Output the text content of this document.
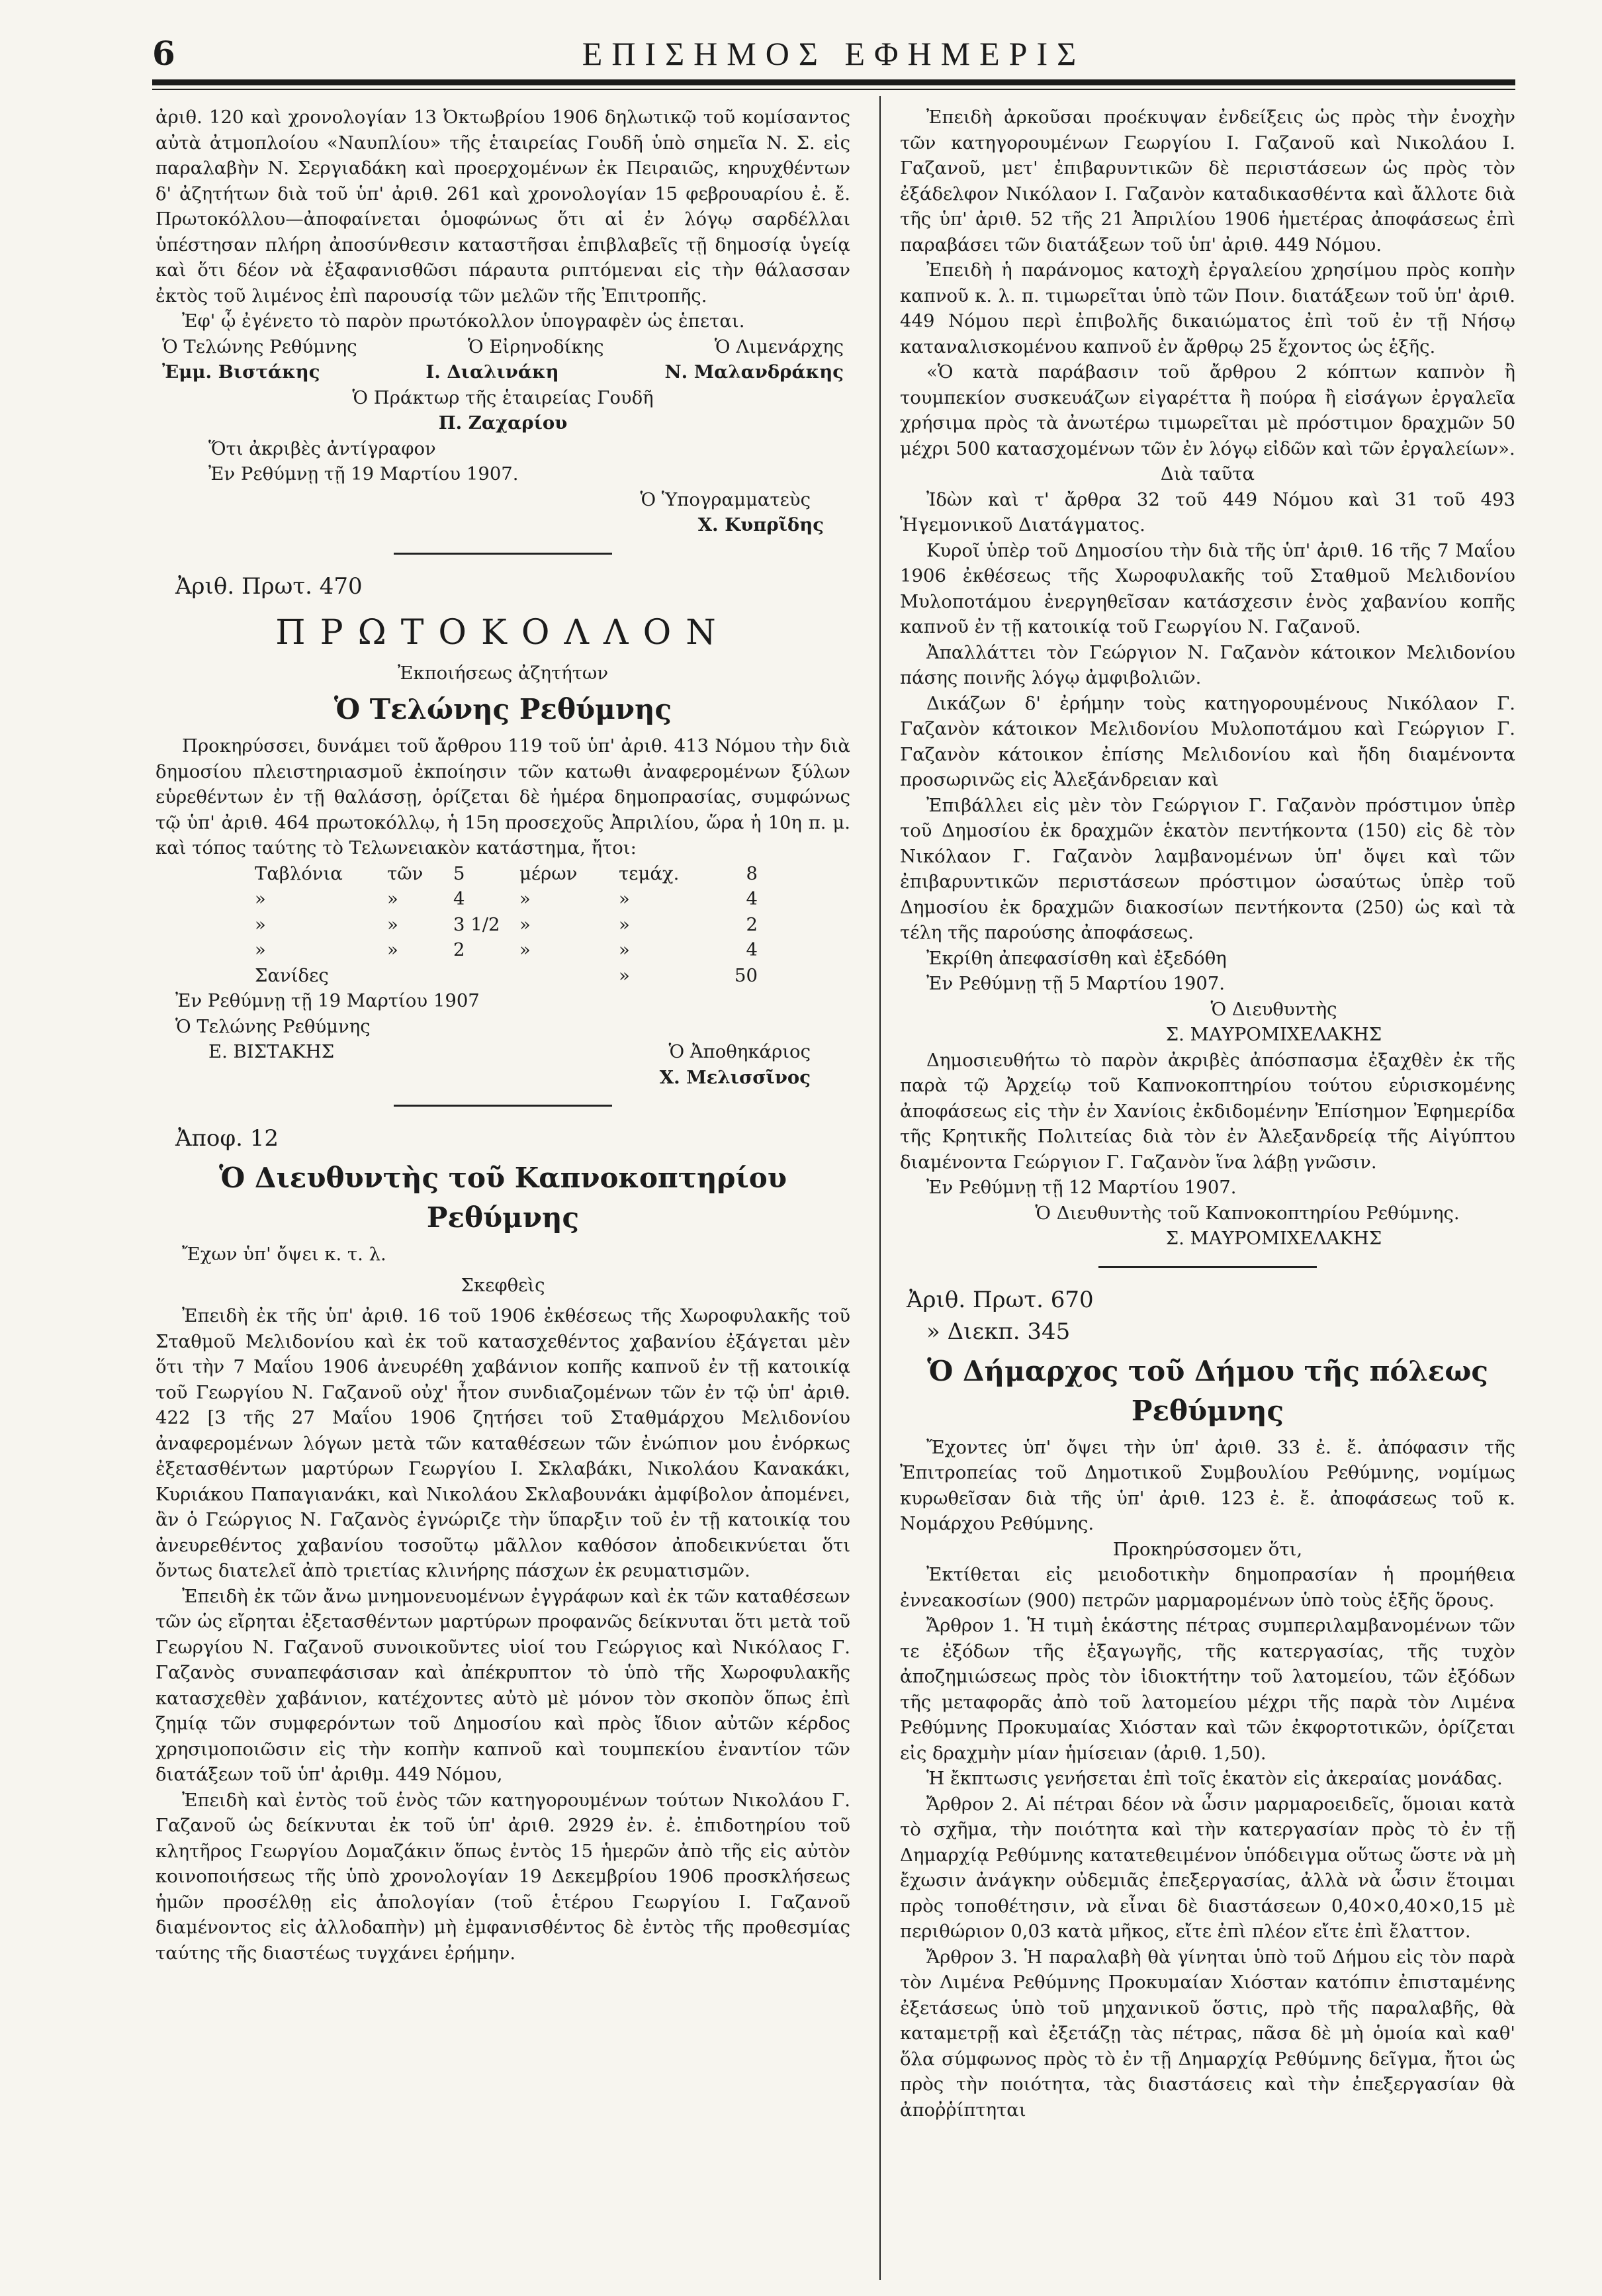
6	ΕΠΙΣΗΜΟΣ ΕΦΗΜΕΡΙΣ

ἀριθ. 120 καὶ χρονολογίαν 13 Ὀκτωβρίου 1906 δηλωτικῷ τοῦ κομίσαντος αὐτὰ ἀτμοπλοίου «Ναυπλίου» τῆς ἑταιρείας Γουδῆ ὑπὸ σημεῖα Ν. Σ. εἰς παραλαβὴν Ν. Σεργιαδάκη καὶ προερχομένων ἐκ Πειραιῶς, κηρυχθέντων δ' ἀζητήτων διὰ τοῦ ὑπ' ἀριθ. 261 καὶ χρονολογίαν 15 φεβρουαρίου ἐ. ἔ. Πρωτοκόλλου—ἀποφαίνεται ὁμοφώνως ὅτι αἱ ἐν λόγῳ σαρδέλλαι ὑπέστησαν πλήρη ἀποσύνθεσιν καταστῆσαι ἐπιβλαβεῖς τῇ δημοσίᾳ ὑγείᾳ καὶ ὅτι δέον νὰ ἐξαφανισθῶσι πάραυτα ριπτόμεναι εἰς τὴν θάλασσαν ἐκτὸς τοῦ λιμένος ἐπὶ παρουσίᾳ τῶν μελῶν τῆς Ἐπιτροπῆς.

Ἐφ' ᾧ ἐγένετο τὸ παρὸν πρωτόκολλον ὑπογραφὲν ὡς ἑπεται.

Ὁ Τελώνης Ρεθύμνης	Ὁ Εἰρηνοδίκης	Ὁ Λιμενάρχης
Ἐμμ. Βιστάκης	Ι. Διαλινάκη	Ν. Μαλανδράκης

Ὁ Πράκτωρ τῆς ἑταιρείας Γουδῆ

Π. Ζαχαρίου

Ὅτι ἀκριβὲς ἀντίγραφον

Ἐν Ρεθύμνῃ τῇ 19 Μαρτίου 1907.

Ὁ Ὑπογραμματεὺς

Χ. Κυπρῖδης

Ἀριθ. Πρωτ. 470

ΠΡΩΤΟΚΟΛΛΟΝ

Ἐκποιήσεως ἀζητήτων

Ὁ Τελώνης Ρεθύμνης

Προκηρύσσει, δυνάμει τοῦ ἄρθρου 119 τοῦ ὑπ' ἀριθ. 413 Νόμου τὴν διὰ δημοσίου πλειστηριασμοῦ ἐκποίησιν τῶν κατωθι ἀναφερομένων ξύλων εὑρεθέντων ἐν τῇ θαλάσσῃ, ὁρίζεται δὲ ἡμέρα δημοπρασίας, συμφώνως τῷ ὑπ' ἀριθ. 464 πρωτοκόλλῳ, ἡ 15η προσεχοῦς Ἀπριλίου, ὥρα ἡ 10η π. μ. καὶ τόπος ταύτης τὸ Τελωνειακὸν κατάστημα, ἤτοι:

Ταβλόνια	τῶν	5	μέρων	τεμάχ.	8
»	»	4	»	»	4
»	»	3 1/2	»	»	2
»	»	2	»	»	4
Σανίδες	»	50

Ἐν Ρεθύμνῃ τῇ 19 Μαρτίου 1907

Ὁ Τελώνης Ρεθύμνης

Ε. ΒΙΣΤΑΚΗΣ	Ὁ Ἀποθηκάριος

Χ. Μελισσῖνος

Ἀποφ. 12

Ὁ Διευθυντὴς τοῦ Καπνοκοπτηρίου Ρεθύμνης

Ἔχων ὑπ' ὄψει κ. τ. λ.

Σκεφθεὶς

Ἐπειδὴ ἐκ τῆς ὑπ' ἀριθ. 16 τοῦ 1906 ἐκθέσεως τῆς Χωροφυλακῆς τοῦ Σταθμοῦ Μελιδονίου καὶ ἐκ τοῦ κατασχεθέντος χαβανίου ἐξάγεται μὲν ὅτι τὴν 7 Μαΐου 1906 ἀνευρέθη χαβάνιον κοπῆς καπνοῦ ἐν τῇ κατοικίᾳ τοῦ Γεωργίου Ν. Γαζανοῦ οὐχ' ἦτον συνδιαζομένων τῶν ἐν τῷ ὑπ' ἀριθ. 422 [3 τῆς 27 Μαΐου 1906 ζητήσει τοῦ Σταθμάρχου Μελιδονίου ἀναφερομένων λόγων μετὰ τῶν καταθέσεων τῶν ἐνώπιον μου ἐνόρκως ἐξετασθέντων μαρτύρων Γεωργίου Ι. Σκλαβάκι, Νικολάου Κανακάκι, Κυριάκου Παπαγιανάκι, καὶ Νικολάου Σκλαβουνάκι ἀμφίβολον ἀπομένει, ἂν ὁ Γεώργιος Ν. Γαζανὸς ἐγνώριζε τὴν ὕπαρξιν τοῦ ἐν τῇ κατοικίᾳ του ἀνευρεθέντος χαβανίου τοσοῦτῳ μᾶλλον καθόσον ἀποδεικνύεται ὅτι ὄντως διατελεῖ ἀπὸ τριετίας κλινήρης πάσχων ἐκ ρευματισμῶν.

Ἐπειδὴ ἐκ τῶν ἄνω μνημονευομένων ἐγγράφων καὶ ἐκ τῶν καταθέσεων τῶν ὡς εἴρηται ἐξετασθέντων μαρτύρων προφανῶς δείκνυται ὅτι μετὰ τοῦ Γεωργίου Ν. Γαζανοῦ συνοικοῦντες υἱοί του Γεώργιος καὶ Νικόλαος Γ. Γαζανὸς συναπεφάσισαν καὶ ἀπέκρυπτον τὸ ὑπὸ τῆς Χωροφυλακῆς κατασχεθὲν χαβάνιον, κατέχοντες αὐτὸ μὲ μόνον τὸν σκοπὸν ὅπως ἐπὶ ζημίᾳ τῶν συμφερόντων τοῦ Δημοσίου καὶ πρὸς ἴδιον αὐτῶν κέρδος χρησιμοποιῶσιν εἰς τὴν κοπὴν καπνοῦ καὶ τουμπεκίου ἐναντίον τῶν διατάξεων τοῦ ὑπ' ἀριθμ. 449 Νόμου,

Ἐπειδὴ καὶ ἐντὸς τοῦ ἑνὸς τῶν κατηγορουμένων τούτων Νικολάου Γ. Γαζανοῦ ὡς δείκνυται ἐκ τοῦ ὑπ' ἀριθ. 2929 ἐν. ἐ. ἐπιδοτηρίου τοῦ κλητῆρος Γεωργίου Δομαζάκιν ὅπως ἐντὸς 15 ἡμερῶν ἀπὸ τῆς εἰς αὐτὸν κοινοποιήσεως τῆς ὑπὸ χρονολογίαν 19 Δεκεμβρίου 1906 προσκλήσεως ἡμῶν προσέλθῃ εἰς ἀπολογίαν (τοῦ ἑτέρου Γεωργίου Ι. Γαζανοῦ διαμένοντος εἰς ἀλλοδαπὴν) μὴ ἐμφανισθέντος δὲ ἐντὸς τῆς προθεσμίας ταύτης τῆς διαστέως τυγχάνει ἐρήμην.

Ἐπειδὴ ἀρκοῦσαι προέκυψαν ἐνδείξεις ὡς πρὸς τὴν ἐνοχὴν τῶν κατηγορουμένων Γεωργίου Ι. Γαζανοῦ καὶ Νικολάου Ι. Γαζανοῦ, μετ' ἐπιβαρυντικῶν δὲ περιστάσεων ὡς πρὸς τὸν ἐξάδελφον Νικόλαον Ι. Γαζανὸν καταδικασθέντα καὶ ἄλλοτε διὰ τῆς ὑπ' ἀριθ. 52 τῆς 21 Ἀπριλίου 1906 ἡμετέρας ἀποφάσεως ἐπὶ παραβάσει τῶν διατάξεων τοῦ ὑπ' ἀριθ. 449 Νόμου.

Ἐπειδὴ ἡ παράνομος κατοχὴ ἐργαλείου χρησίμου πρὸς κοπὴν καπνοῦ κ. λ. π. τιμωρεῖται ὑπὸ τῶν Ποιν. διατάξεων τοῦ ὑπ' ἀριθ. 449 Νόμου περὶ ἐπιβολῆς δικαιώματος ἐπὶ τοῦ ἐν τῇ Νήσῳ καταναλισκομένου καπνοῦ ἐν ἄρθρῳ 25 ἔχοντος ὡς ἑξῆς.

«Ὁ κατὰ παράβασιν τοῦ ἄρθρου 2 κόπτων καπνὸν ἢ τουμπεκίον συσκευάζων εἰγαρέττα ἢ πούρα ἢ εἰσάγων ἐργαλεῖα χρήσιμα πρὸς τὰ ἀνωτέρω τιμωρεῖται μὲ πρόστιμον δραχμῶν 50 μέχρι 500 κατασχομένων τῶν ἐν λόγῳ εἰδῶν καὶ τῶν ἐργαλείων».

Διὰ ταῦτα

Ἰδὼν καὶ τ' ἄρθρα 32 τοῦ 449 Νόμου καὶ 31 τοῦ 493 Ἡγεμονικοῦ Διατάγματος.

Κυροῖ ὑπὲρ τοῦ Δημοσίου τὴν διὰ τῆς ὑπ' ἀριθ. 16 τῆς 7 Μαΐου 1906 ἐκθέσεως τῆς Χωροφυλακῆς τοῦ Σταθμοῦ Μελιδονίου Μυλοποτάμου ἐνεργηθεῖσαν κατάσχεσιν ἑνὸς χαβανίου κοπῆς καπνοῦ ἐν τῇ κατοικίᾳ τοῦ Γεωργίου Ν. Γαζανοῦ.

Ἀπαλλάττει τὸν Γεώργιον Ν. Γαζανὸν κάτοικον Μελιδονίου πάσης ποινῆς λόγῳ ἀμφιβολιῶν.

Δικάζων δ' ἐρήμην τοὺς κατηγορουμένους Νικόλαον Γ. Γαζανὸν κάτοικον Μελιδονίου Μυλοποτάμου καὶ Γεώργιον Γ. Γαζανὸν κάτοικον ἐπίσης Μελιδονίου καὶ ἤδη διαμένοντα προσωρινῶς εἰς Ἀλεξάνδρειαν καὶ

Ἐπιβάλλει εἰς μὲν τὸν Γεώργιον Γ. Γαζανὸν πρόστιμον ὑπὲρ τοῦ Δημοσίου ἐκ δραχμῶν ἑκατὸν πεντήκοντα (150) εἰς δὲ τὸν Νικόλαον Γ. Γαζανὸν λαμβανομένων ὑπ' ὄψει καὶ τῶν ἐπιβαρυντικῶν περιστάσεων πρόστιμον ὡσαύτως ὑπὲρ τοῦ Δημοσίου ἐκ δραχμῶν διακοσίων πεντήκοντα (250) ὡς καὶ τὰ τέλη τῆς παρούσης ἀποφάσεως.

Ἐκρίθη ἀπεφασίσθη καὶ ἐξεδόθη

Ἐν Ρεθύμνῃ τῇ 5 Μαρτίου 1907.

Ὁ Διευθυντὴς

Σ. ΜΑΥΡΟΜΙΧΕΛΑΚΗΣ

Δημοσιευθήτω τὸ παρὸν ἀκριβὲς ἀπόσπασμα ἐξαχθὲν ἐκ τῆς παρὰ τῷ Ἀρχείῳ τοῦ Καπνοκοπτηρίου τούτου εὑρισκομένης ἀποφάσεως εἰς τὴν ἐν Χανίοις ἐκδιδομένην Ἐπίσημον Ἐφημερίδα τῆς Κρητικῆς Πολιτείας διὰ τὸν ἐν Ἀλεξανδρείᾳ τῆς Αἰγύπτου διαμένοντα Γεώργιον Γ. Γαζανὸν ἵνα λάβῃ γνῶσιν.

Ἐν Ρεθύμνῃ τῇ 12 Μαρτίου 1907.

Ὁ Διευθυντὴς τοῦ Καπνοκοπτηρίου Ρεθύμνης.

Σ. ΜΑΥΡΟΜΙΧΕΛΑΚΗΣ

Ἀριθ. Πρωτ. 670

» Διεκπ. 345

Ὁ Δήμαρχος τοῦ Δήμου τῆς πόλεως Ρεθύμνης

Ἔχοντες ὑπ' ὄψει τὴν ὑπ' ἀριθ. 33 ἐ. ἔ. ἀπόφασιν τῆς Ἐπιτροπείας τοῦ Δημοτικοῦ Συμβουλίου Ρεθύμνης, νομίμως κυρωθεῖσαν διὰ τῆς ὑπ' ἀριθ. 123 ἐ. ἔ. ἀποφάσεως τοῦ κ. Νομάρχου Ρεθύμνης.

Προκηρύσσομεν ὅτι,

Ἐκτίθεται εἰς μειοδοτικὴν δημοπρασίαν ἡ προμήθεια ἐννεακοσίων (900) πετρῶν μαρμαρομένων ὑπὸ τοὺς ἑξῆς ὅρους.

Ἄρθρον 1. Ἡ τιμὴ ἑκάστης πέτρας συμπεριλαμβανομένων τῶν τε ἐξόδων τῆς ἐξαγωγῆς, τῆς κατεργασίας, τῆς τυχὸν ἀποζημιώσεως πρὸς τὸν ἰδιοκτήτην τοῦ λατομείου, τῶν ἐξόδων τῆς μεταφορᾶς ἀπὸ τοῦ λατομείου μέχρι τῆς παρὰ τὸν Λιμένα Ρεθύμνης Προκυμαίας Χιόσταν καὶ τῶν ἐκφορτοτικῶν, ὁρίζεται εἰς δραχμὴν μίαν ἡμίσειαν (ἀριθ. 1,50).

Ἡ ἔκπτωσις γενήσεται ἐπὶ τοῖς ἑκατὸν εἰς ἀκεραίας μονάδας.

Ἄρθρον 2. Αἱ πέτραι δέον νὰ ὦσιν μαρμαροειδεῖς, ὅμοιαι κατὰ τὸ σχῆμα, τὴν ποιότητα καὶ τὴν κατεργασίαν πρὸς τὸ ἐν τῇ Δημαρχίᾳ Ρεθύμνης κατατεθειμένον ὑπόδειγμα οὕτως ὥστε νὰ μὴ ἔχωσιν ἀνάγκην οὐδεμιᾶς ἐπεξεργασίας, ἀλλὰ νὰ ὦσιν ἕτοιμαι πρὸς τοποθέτησιν, νὰ εἶναι δὲ διαστάσεων 0,40×0,40×0,15 μὲ περιθώριον 0,03 κατὰ μῆκος, εἴτε ἐπὶ πλέον εἴτε ἐπὶ ἔλαττον.

Ἄρθρον 3. Ἡ παραλαβὴ θὰ γίνηται ὑπὸ τοῦ Δήμου εἰς τὸν παρὰ τὸν Λιμένα Ρεθύμνης Προκυμαίαν Χιόσταν κατόπιν ἐπισταμένης ἐξετάσεως ὑπὸ τοῦ μηχανικοῦ ὅστις, πρὸ τῆς παραλαβῆς, θὰ καταμετρῇ καὶ ἐξετάζῃ τὰς πέτρας, πᾶσα δὲ μὴ ὁμοία καὶ καθ' ὅλα σύμφωνος πρὸς τὸ ἐν τῇ Δημαρχίᾳ Ρεθύμνης δεῖγμα, ἤτοι ὡς πρὸς τὴν ποιότητα, τὰς διαστάσεις καὶ τὴν ἐπεξεργασίαν θὰ ἀποῤῥίπτηται
